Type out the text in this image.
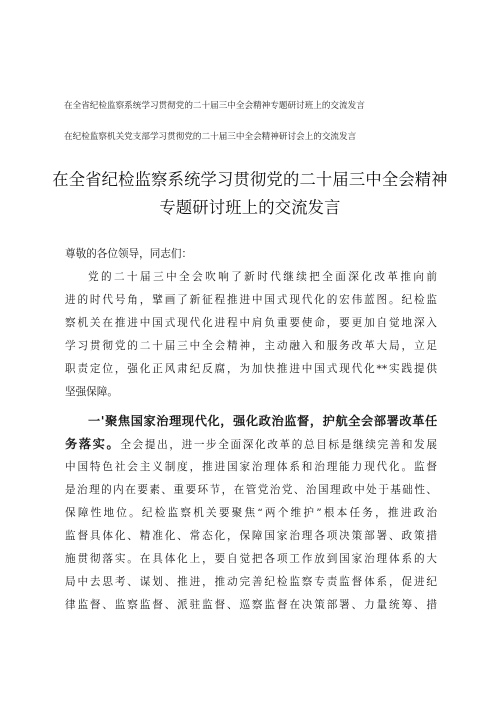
在全省纪检监察系统学习贯彻党的二十届三中全会精神专题研讨班上的交流发言
在纪检监察机关党支部学习贯彻党的二十届三中全会精神研讨会上的交流发言
在全省纪检监察系统学习贯彻党的二十届三中全会精神
专题研讨班上的交流发言
尊敬的各位领导，同志们：
党的二十届三中全会吹响了新时代继续把全面深化改革推向前
进的时代号角，擘画了新征程推进中国式现代化的宏伟蓝图。纪检监
察机关在推进中国式现代化进程中肩负重要使命，要更加自觉地深入
学习贯彻党的二十届三中全会精神，主动融入和服务改革大局，立足
职责定位，强化正风肃纪反腐，为加快推进中国式现代化**实践提供
坚强保障。
一'聚焦国家治理现代化，强化政治监督，护航全会部署改革任
务落实。全会提出，进一步全面深化改革的总目标是继续完善和发展
中国特色社会主义制度，推进国家治理体系和治理能力现代化。监督
是治理的内在要素、重要环节，在管党治党、治国理政中处于基础性、
保障性地位。纪检监察机关要聚焦“两个维护”根本任务，推进政治
监督具体化、精准化、常态化，保障国家治理各项决策部署、政策措
施贯彻落实。在具体化上，要自觉把各项工作放到国家治理体系的大
局中去思考、谋划、推进，推动完善纪检监察专责监督体系，促进纪
律监督、监察监督、派驻监督、巡察监督在决策部署、力量统筹、措
